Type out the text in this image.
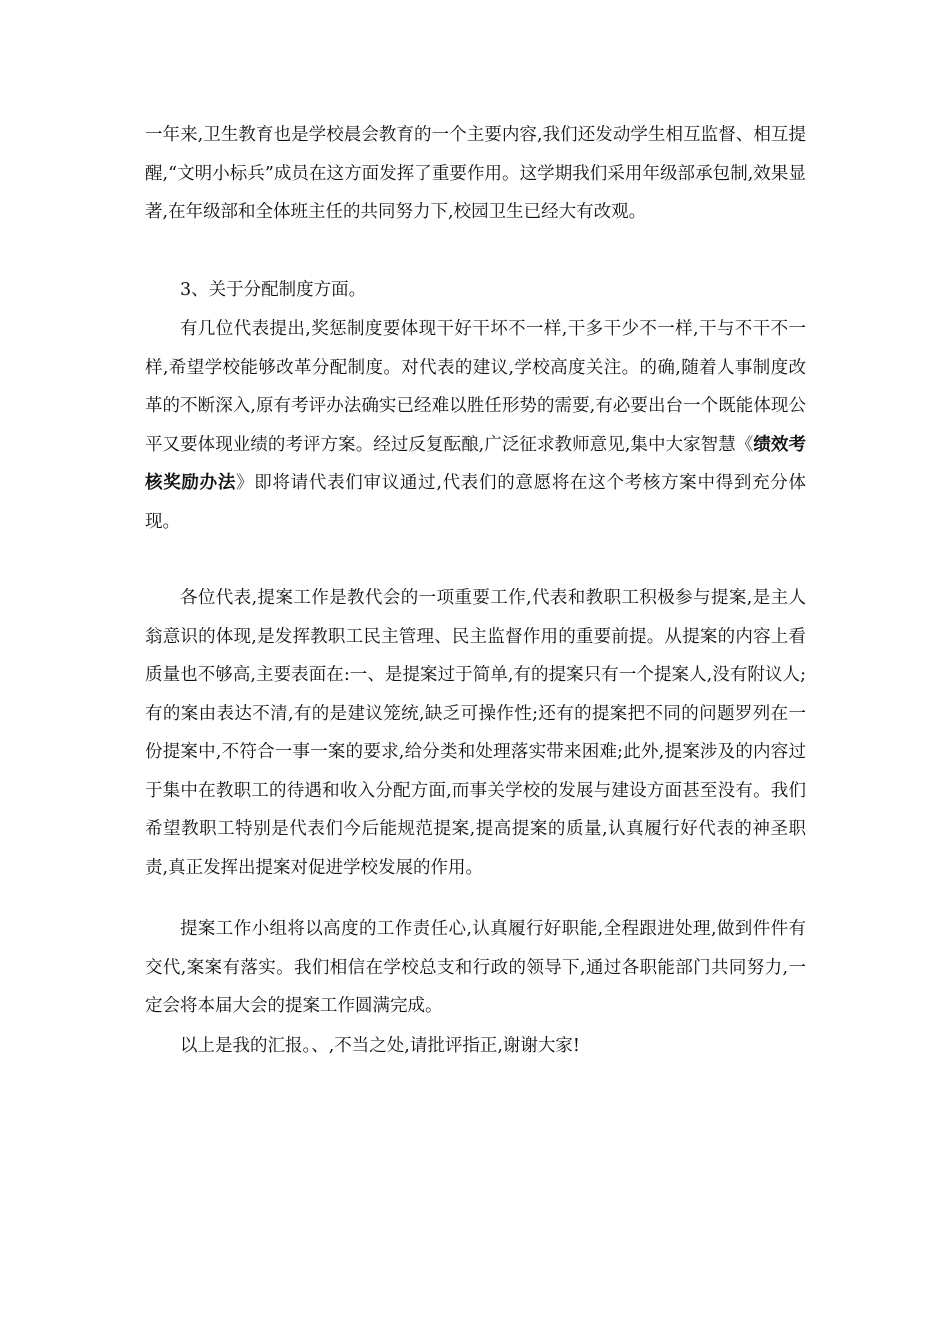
一年来,卫生教育也是学校晨会教育的一个主要内容,我们还发动学生相互监督、相互提醒,“文明小标兵”成员在这方面发挥了重要作用。这学期我们采用年级部承包制,效果显著,在年级部和全体班主任的共同努力下,校园卫生已经大有改观。

3、关于分配制度方面。

有几位代表提出,奖惩制度要体现干好干坏不一样,干多干少不一样,干与不干不一样,希望学校能够改革分配制度。对代表的建议,学校高度关注。的确,随着人事制度改革的不断深入,原有考评办法确实已经难以胜任形势的需要,有必要出台一个既能体现公平又要体现业绩的考评方案。经过反复酝酿,广泛征求教师意见,集中大家智慧《绩效考核奖励办法》即将请代表们审议通过,代表们的意愿将在这个考核方案中得到充分体现。

各位代表,提案工作是教代会的一项重要工作,代表和教职工积极参与提案,是主人翁意识的体现,是发挥教职工民主管理、民主监督作用的重要前提。从提案的内容上看质量也不够高,主要表面在:一、是提案过于简单,有的提案只有一个提案人,没有附议人;有的案由表达不清,有的是建议笼统,缺乏可操作性;还有的提案把不同的问题罗列在一份提案中,不符合一事一案的要求,给分类和处理落实带来困难;此外,提案涉及的内容过于集中在教职工的待遇和收入分配方面,而事关学校的发展与建设方面甚至没有。我们希望教职工特别是代表们今后能规范提案,提高提案的质量,认真履行好代表的神圣职责,真正发挥出提案对促进学校发展的作用。

提案工作小组将以高度的工作责任心,认真履行好职能,全程跟进处理,做到件件有交代,案案有落实。我们相信在学校总支和行政的领导下,通过各职能部门共同努力,一定会将本届大会的提案工作圆满完成。

以上是我的汇报。、,不当之处,请批评指正,谢谢大家!
